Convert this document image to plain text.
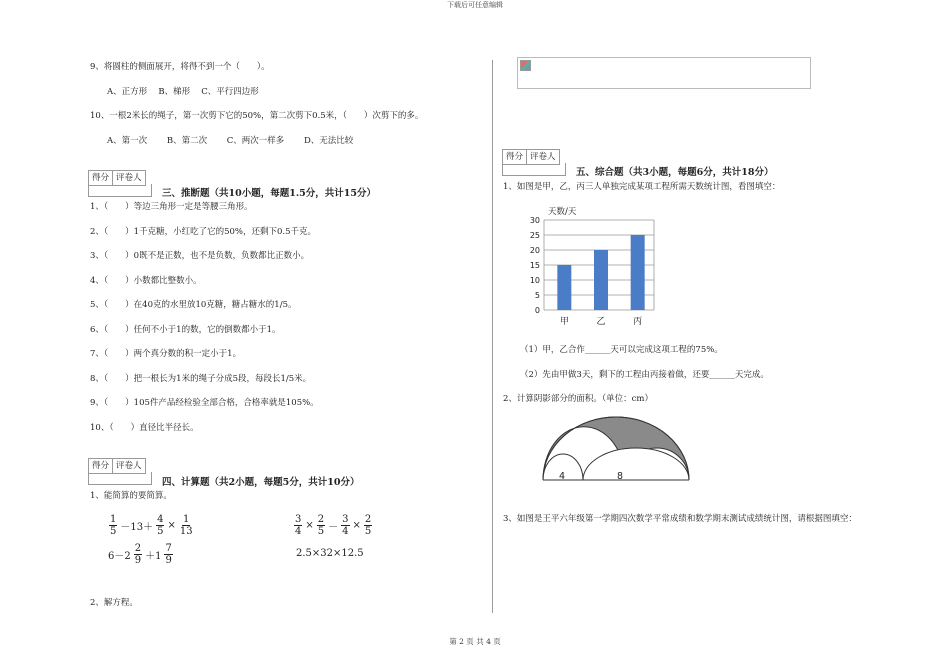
下载后可任意编辑
第 2 页 共 4 页
9、将圆柱的侧面展开，将得不到一个（　　）。
A、正方形　 B、梯形　 C、平行四边形
10、一根2米长的绳子，第一次剪下它的50%，第二次剪下0.5米，（　　）次剪下的多。
A、第一次　　 B、第二次　　 C、两次一样多　　 D、无法比较
得分 评卷人
三、推断题（共10小题，每题1.5分，共计15分）
1、（　　）等边三角形一定是等腰三角形。
2、（　　）1千克糖，小红吃了它的50%，还剩下0.5千克。
3、（　　）0既不是正数，也不是负数，负数都比正数小。
4、（　　）小数都比整数小。
5、（　　）在40克的水里放10克糖，糖占糖水的1/5。
6、（　　）任何不小于1的数，它的倒数都小于1。
7、（　　）两个真分数的积一定小于1。
8、（　　）把一根长为1米的绳子分成5段，每段长1/5米。
9、（　　）105件产品经检验全部合格，合格率就是105%。
10、（　　）直径比半径长。
得分 评卷人
四、计算题（共2小题，每题5分，共计10分）
1、能简算的要简算。
$\frac{1}{5} -13+ \frac{4}{5} \times \frac{1}{13}$	$\frac{3}{4} \times \frac{2}{5} - \frac{3}{4} \times \frac{2}{5}$
$6-2 \frac{2}{9} +1 \frac{7}{9}$	2.5×32×12.5
2、解方程。
得分 评卷人
五、综合题（共3小题，每题6分，共计18分）
1、如图是甲，乙，丙三人单独完成某项工程所需天数统计图，看图填空：
天数/天
0
5
10
15
20
25
30
甲	乙	丙
（1）甲，乙合作______天可以完成这项工程的75%。
（2）先由甲做3天，剩下的工程由丙接着做，还要______天完成。
2、计算阴影部分的面积。（单位：cm）
4	8
3、如图是王平六年级第一学期四次数学平常成绩和数学期末测试成绩统计图，请根据图填空：
